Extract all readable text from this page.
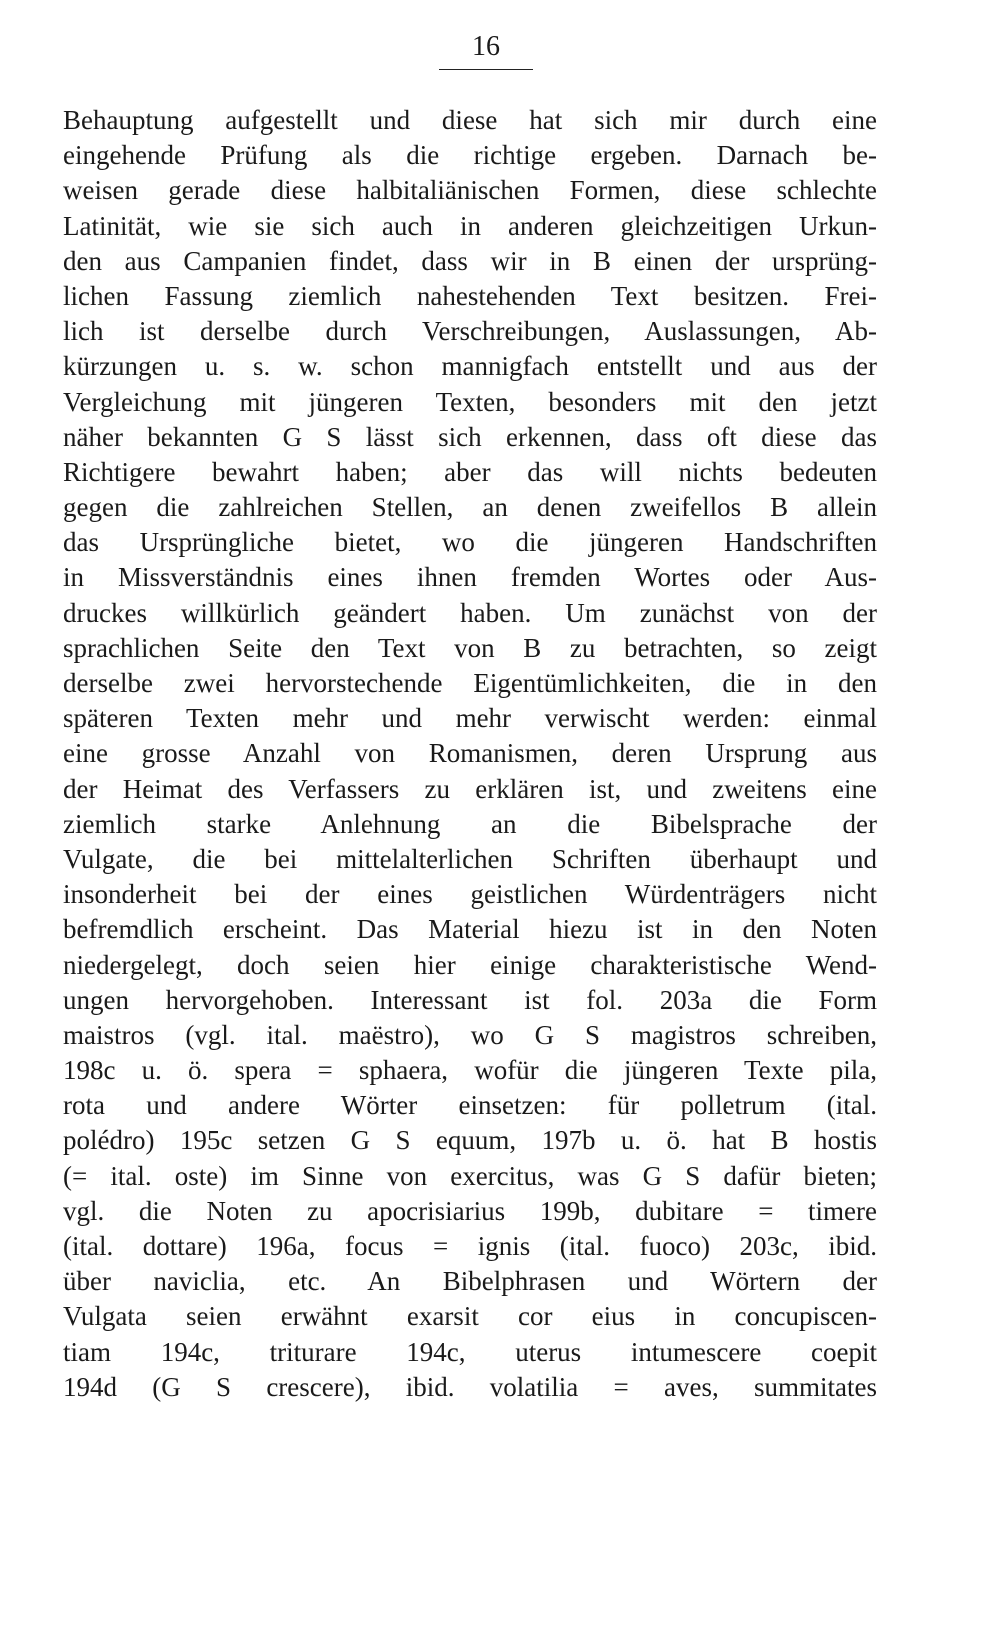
16
Behauptung aufgestellt und diese hat sich mir durch eine
eingehende Prüfung als die richtige ergeben. Darnach be-
weisen gerade diese halbitaliänischen Formen, diese schlechte
Latinität, wie sie sich auch in anderen gleichzeitigen Urkun-
den aus Campanien findet, dass wir in B einen der ursprüng-
lichen Fassung ziemlich nahestehenden Text besitzen. Frei-
lich ist derselbe durch Verschreibungen, Auslassungen, Ab-
kürzungen u. s. w. schon mannigfach entstellt und aus der
Vergleichung mit jüngeren Texten, besonders mit den jetzt
näher bekannten G S lässt sich erkennen, dass oft diese das
Richtigere bewahrt haben; aber das will nichts bedeuten
gegen die zahlreichen Stellen, an denen zweifellos B allein
das Ursprüngliche bietet, wo die jüngeren Handschriften
in Missverständnis eines ihnen fremden Wortes oder Aus-
druckes willkürlich geändert haben. Um zunächst von der
sprachlichen Seite den Text von B zu betrachten, so zeigt
derselbe zwei hervorstechende Eigentümlichkeiten, die in den
späteren Texten mehr und mehr verwischt werden: einmal
eine grosse Anzahl von Romanismen, deren Ursprung aus
der Heimat des Verfassers zu erklären ist, und zweitens eine
ziemlich starke Anlehnung an die Bibelsprache der
Vulgate, die bei mittelalterlichen Schriften überhaupt und
insonderheit bei der eines geistlichen Würdenträgers nicht
befremdlich erscheint. Das Material hiezu ist in den Noten
niedergelegt, doch seien hier einige charakteristische Wend-
ungen hervorgehoben. Interessant ist fol. 203a die Form
maistros (vgl. ital. maëstro), wo G S magistros schreiben,
198c u. ö. spera = sphaera, wofür die jüngeren Texte pila,
rota und andere Wörter einsetzen: für polletrum (ital.
polédro) 195c setzen G S equum, 197b u. ö. hat B hostis
(= ital. oste) im Sinne von exercitus, was G S dafür bieten;
vgl. die Noten zu apocrisiarius 199b, dubitare = timere
(ital. dottare) 196a, focus = ignis (ital. fuoco) 203c, ibid.
über naviclia, etc. An Bibelphrasen und Wörtern der
Vulgata seien erwähnt exarsit cor eius in concupiscen-
tiam 194c, triturare 194c, uterus intumescere coepit
194d (G S crescere), ibid. volatilia = aves, summitates
